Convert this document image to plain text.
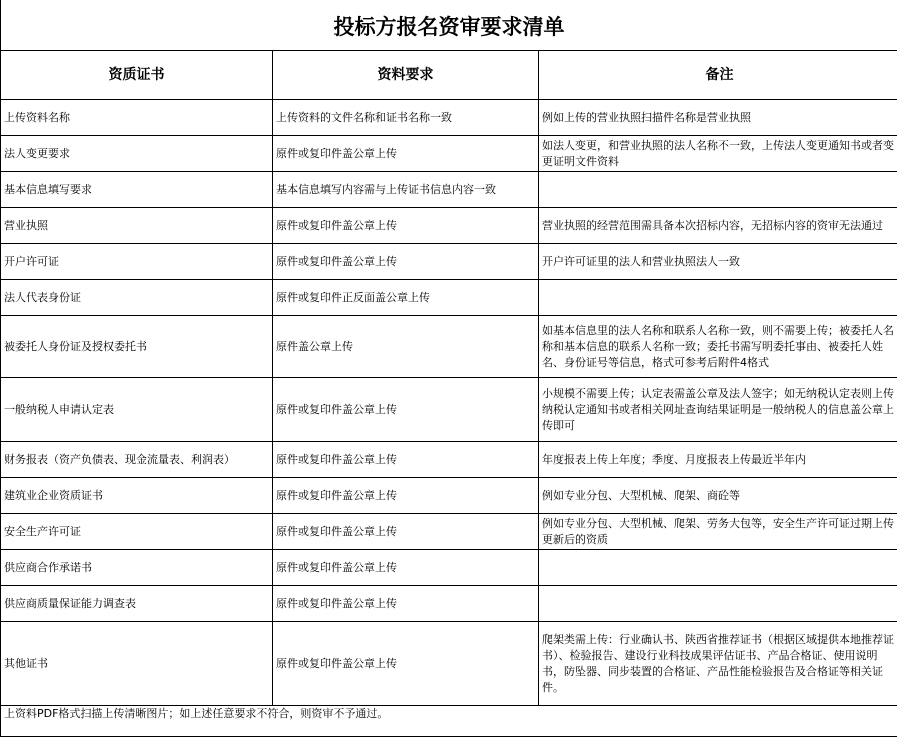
投标方报名资审要求清单
资质证书	资料要求	备注

上传资料名称	上传资料的文件名称和证书名称一致	例如上传的营业执照扫描件名称是营业执照

法人变更要求	原件或复印件盖公章上传	如法人变更，和营业执照的法人名称不一致，上传法人变更通知书或者变更证明文件资料

基本信息填写要求	基本信息填写内容需与上传证书信息内容一致	

营业执照	原件或复印件盖公章上传	营业执照的经营范围需具备本次招标内容，无招标内容的资审无法通过

开户许可证	原件或复印件盖公章上传	开户许可证里的法人和营业执照法人一致

法人代表身份证	原件或复印件正反面盖公章上传	

被委托人身份证及授权委托书	原件盖公章上传	如基本信息里的法人名称和联系人名称一致，则不需要上传；被委托人名称和基本信息的联系人名称一致；委托书需写明委托事由、被委托人姓名、身份证号等信息，格式可参考后附件4格式

一般纳税人申请认定表	原件或复印件盖公章上传	小规模不需要上传；认定表需盖公章及法人签字；如无纳税认定表则上传纳税认定通知书或者相关网址查询结果证明是一般纳税人的信息盖公章上传即可

财务报表（资产负债表、现金流量表、利润表）	原件或复印件盖公章上传	年度报表上传上年度；季度、月度报表上传最近半年内

建筑业企业资质证书	原件或复印件盖公章上传	例如专业分包、大型机械、爬架、商砼等

安全生产许可证	原件或复印件盖公章上传	例如专业分包、大型机械、爬架、劳务大包等，安全生产许可证过期上传更新后的资质

供应商合作承诺书	原件或复印件盖公章上传	

供应商质量保证能力调查表	原件或复印件盖公章上传	

其他证书	原件或复印件盖公章上传	爬架类需上传：行业确认书、陕西省推荐证书（根据区域提供本地推荐证书）、检验报告、建设行业科技成果评估证书、产品合格证、使用说明书，防坠器、同步装置的合格证、产品性能检验报告及合格证等相关证件。
上资料PDF格式扫描上传清晰图片；如上述任意要求不符合，则资审不予通过。
